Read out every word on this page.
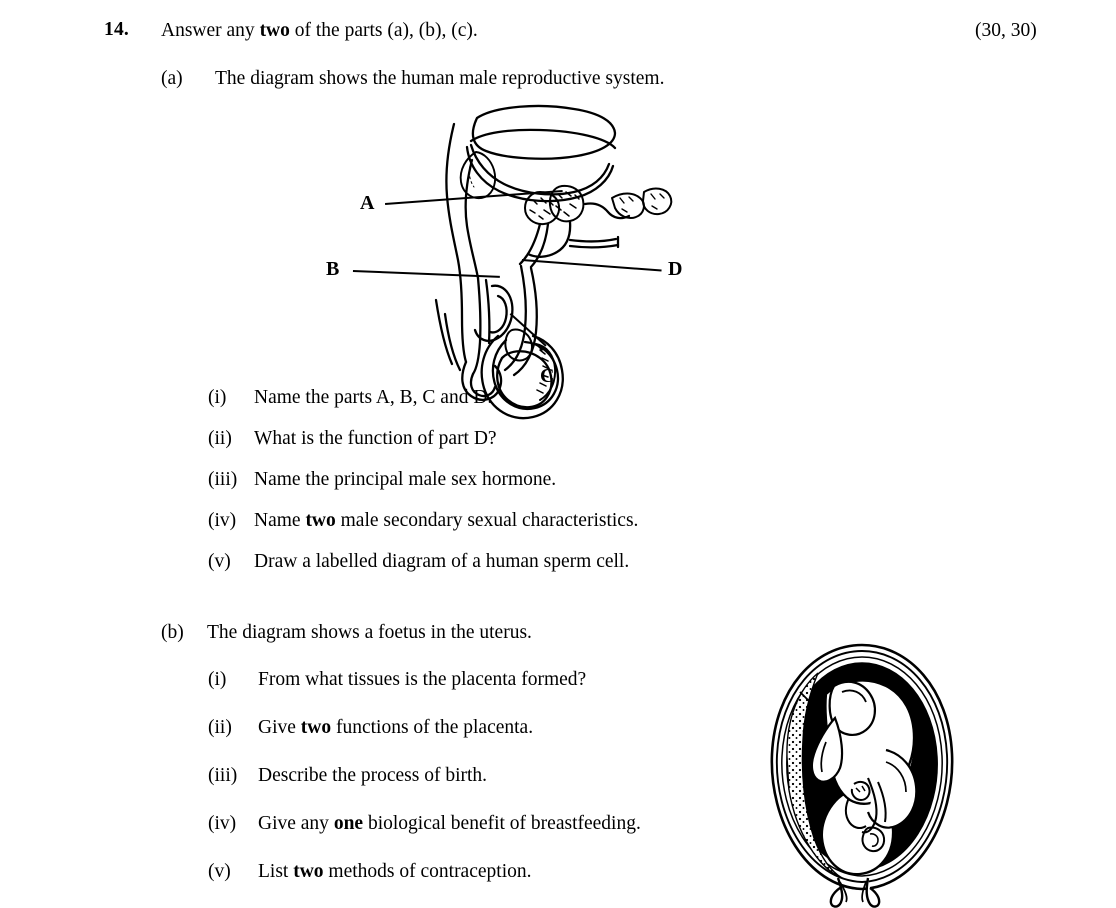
14. Answer any two of the parts (a), (b), (c).	(30, 30)
(a) The diagram shows the human male reproductive system.
A
B
C
D
(i) Name the parts A, B, C and D.
(ii) What is the function of part D?
(iii) Name the principal male sex hormone.
(iv) Name two male secondary sexual characteristics.
(v) Draw a labelled diagram of a human sperm cell.
(b) The diagram shows a foetus in the uterus.
(i) From what tissues is the placenta formed?
(ii) Give two functions of the placenta.
(iii) Describe the process of birth.
(iv) Give any one biological benefit of breastfeeding.
(v) List two methods of contraception.
